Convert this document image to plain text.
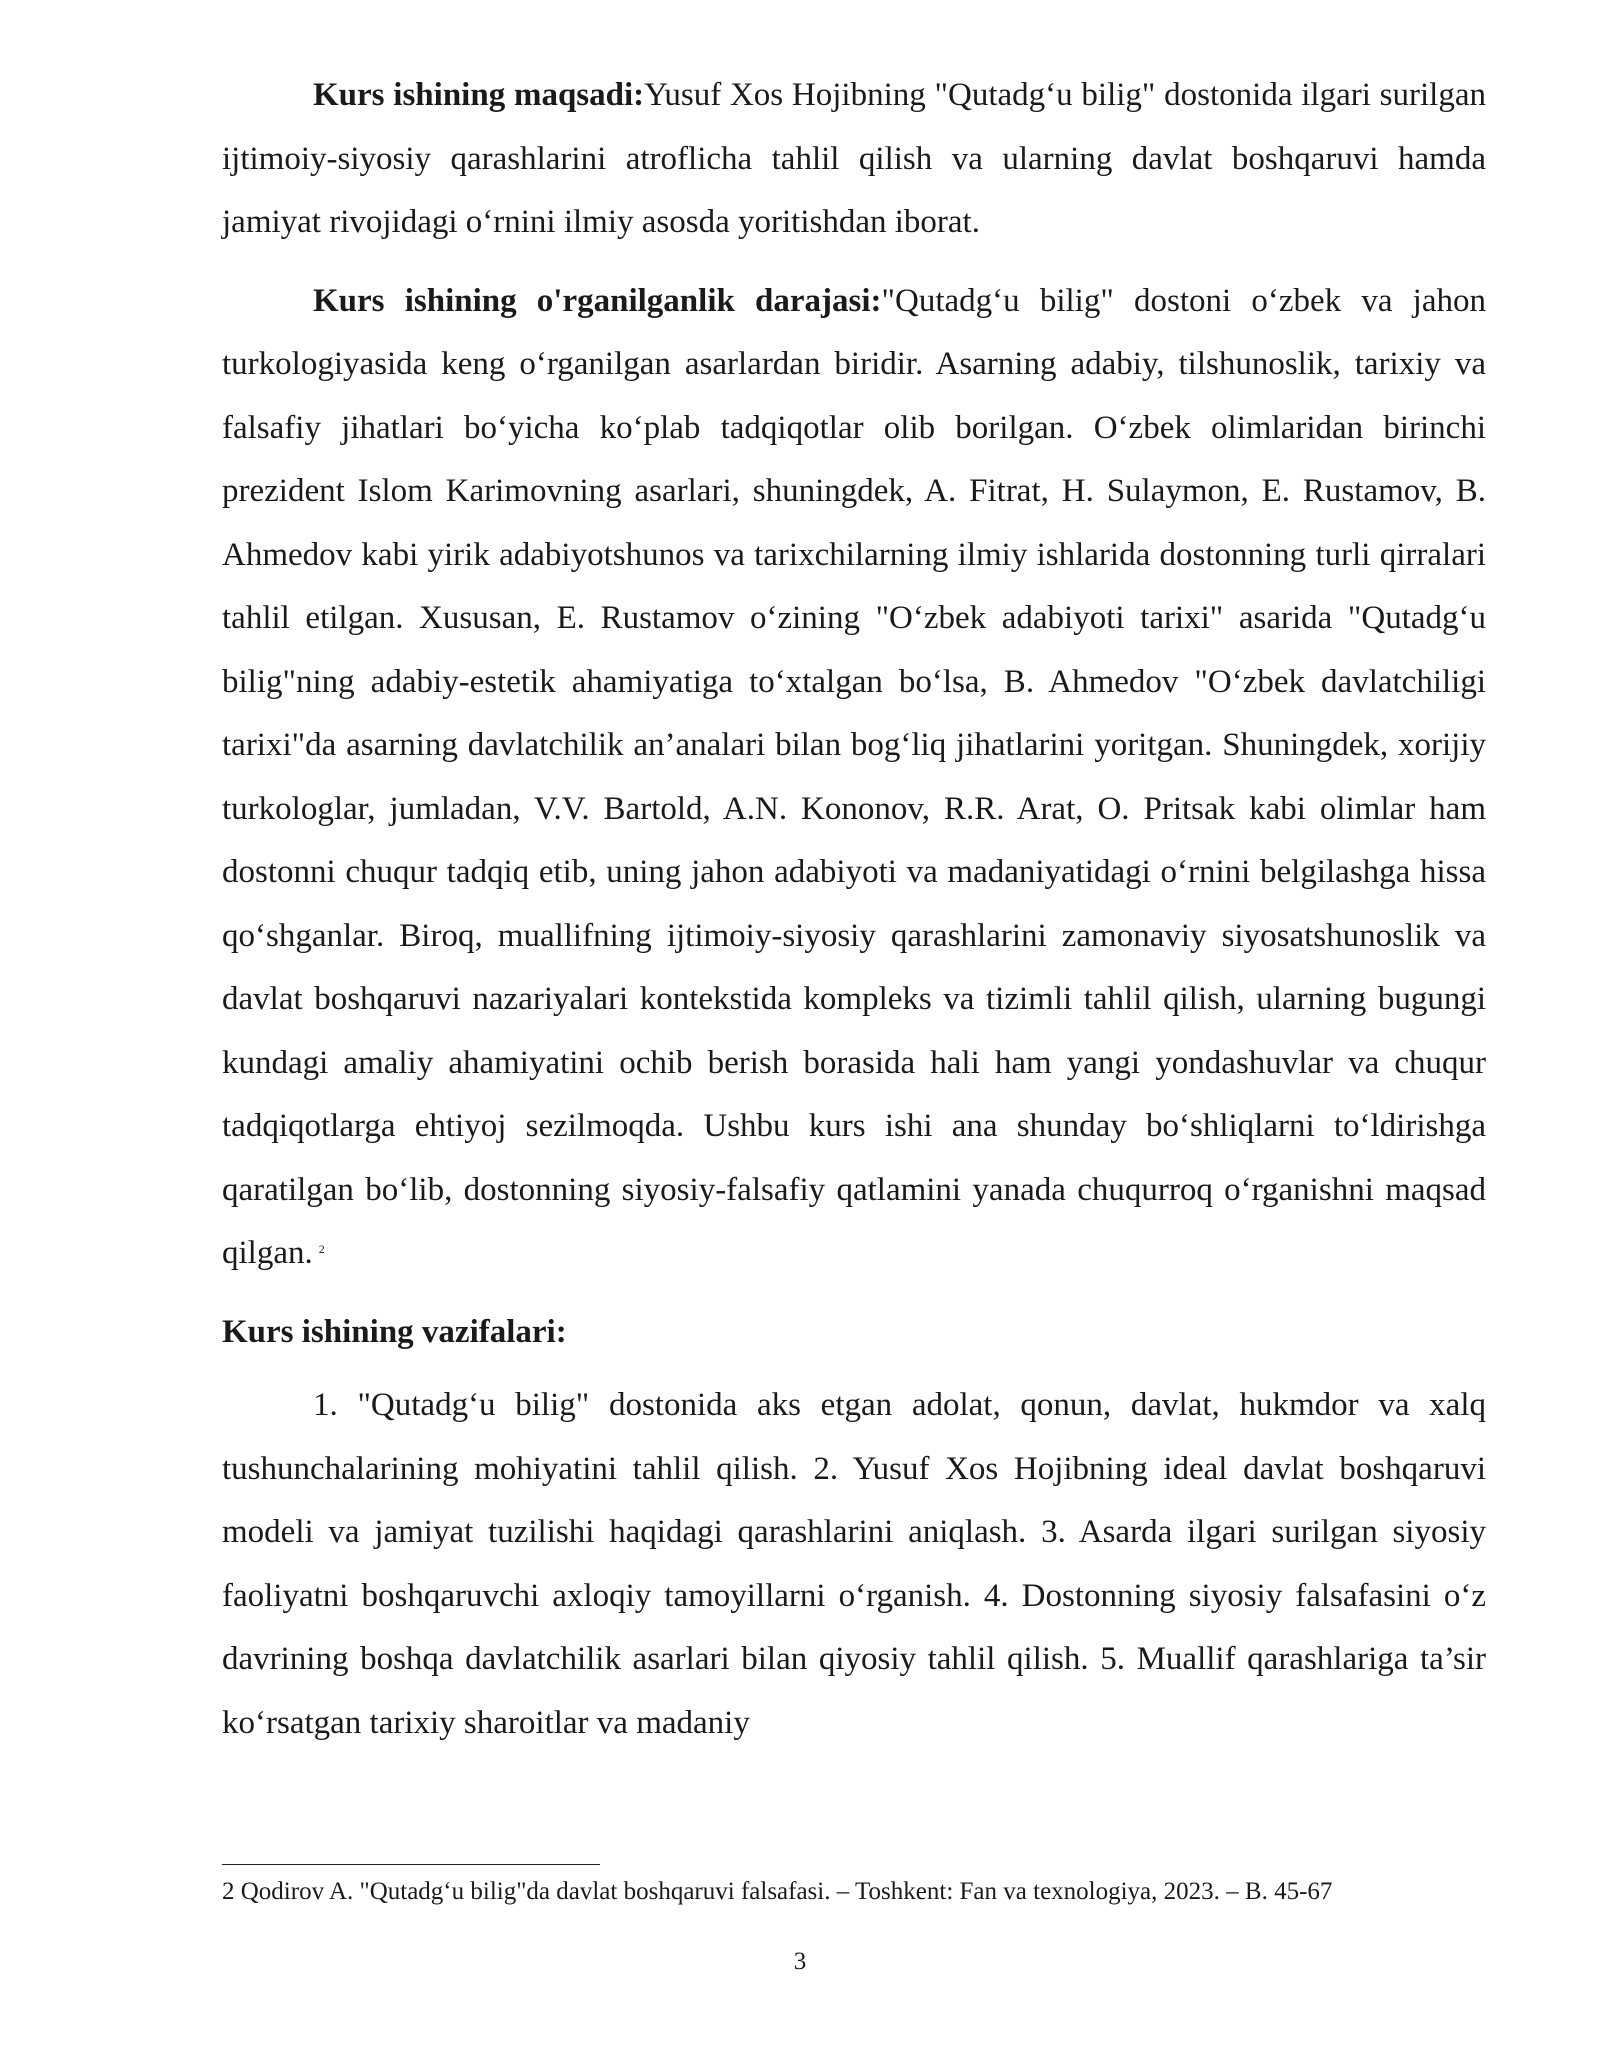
Kurs ishining maqsadi:Yusuf Xos Hojibning "Qutadg‘u bilig" dostonida ilgari surilgan ijtimoiy-siyosiy qarashlarini atroflicha tahlil qilish va ularning davlat boshqaruvi hamda jamiyat rivojidagi o‘rnini ilmiy asosda yoritishdan iborat.

Kurs ishining o'rganilganlik darajasi:"Qutadg‘u bilig" dostoni o‘zbek va jahon turkologiyasida keng o‘rganilgan asarlardan biridir. Asarning adabiy, tilshunoslik, tarixiy va falsafiy jihatlari bo‘yicha ko‘plab tadqiqotlar olib borilgan. O‘zbek olimlaridan birinchi prezident Islom Karimovning asarlari, shuningdek, A. Fitrat, H. Sulaymon, E. Rustamov, B. Ahmedov kabi yirik adabiyotshunos va tarixchilarning ilmiy ishlarida dostonning turli qirralari tahlil etilgan. Xususan, E. Rustamov o‘zining "O‘zbek adabiyoti tarixi" asarida "Qutadg‘u bilig"ning adabiy-estetik ahamiyatiga to‘xtalgan bo‘lsa, B. Ahmedov "O‘zbek davlatchiligi tarixi"da asarning davlatchilik an’analari bilan bog‘liq jihatlarini yoritgan. Shuningdek, xorijiy turkologlar, jumladan, V.V. Bartold, A.N. Kononov, R.R. Arat, O. Pritsak kabi olimlar ham dostonni chuqur tadqiq etib, uning jahon adabiyoti va madaniyatidagi o‘rnini belgilashga hissa qo‘shganlar. Biroq, muallifning ijtimoiy-siyosiy qarashlarini zamonaviy siyosatshunoslik va davlat boshqaruvi nazariyalari kontekstida kompleks va tizimli tahlil qilish, ularning bugungi kundagi amaliy ahamiyatini ochib berish borasida hali ham yangi yondashuvlar va chuqur tadqiqotlarga ehtiyoj sezilmoqda. Ushbu kurs ishi ana shunday bo‘shliqlarni to‘ldirishga qaratilgan bo‘lib, dostonning siyosiy-falsafiy qatlamini yanada chuqurroq o‘rganishni maqsad qilgan. $^2$

Kurs ishining vazifalari:

1. "Qutadg‘u bilig" dostonida aks etgan adolat, qonun, davlat, hukmdor va xalq tushunchalarining mohiyatini tahlil qilish. 2. Yusuf Xos Hojibning ideal davlat boshqaruvi modeli va jamiyat tuzilishi haqidagi qarashlarini aniqlash. 3. Asarda ilgari surilgan siyosiy faoliyatni boshqaruvchi axloqiy tamoyillarni o‘rganish. 4. Dostonning siyosiy falsafasini o‘z davrining boshqa davlatchilik asarlari bilan qiyosiy tahlil qilish. 5. Muallif qarashlariga ta’sir ko‘rsatgan tarixiy sharoitlar va madaniy

2 Qodirov A. "Qutadg‘u bilig"da davlat boshqaruvi falsafasi. – Toshkent: Fan va texnologiya, 2023. – B. 45-67

3
